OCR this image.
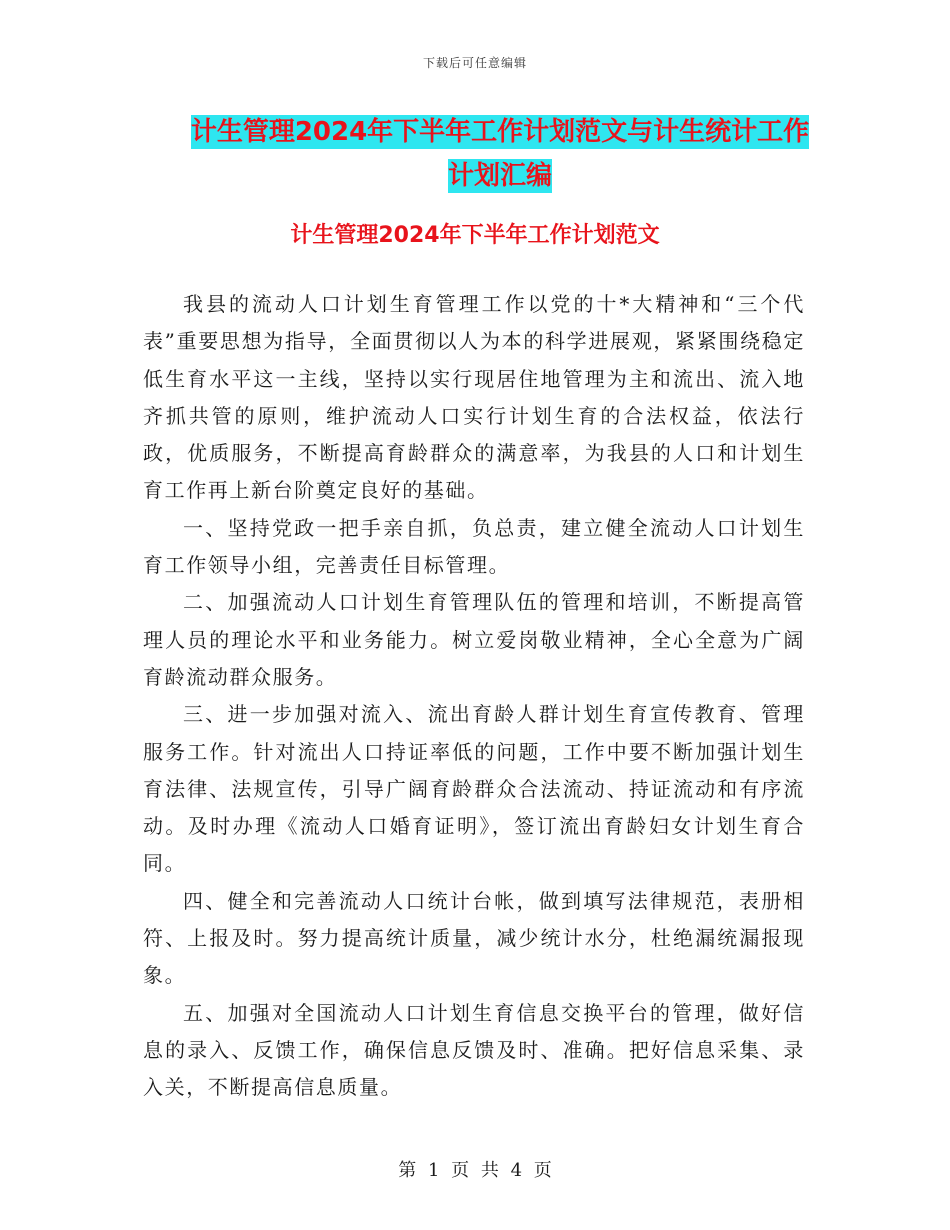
下载后可任意编辑
计生管理2024年下半年工作计划范文与计生统计工作
计划汇编
计生管理2024年下半年工作计划范文

我县的流动人口计划生育管理工作以党的十*大精神和“三个代表”重要思想为指导，全面贯彻以人为本的科学进展观，紧紧围绕稳定低生育水平这一主线，坚持以实行现居住地管理为主和流出、流入地齐抓共管的原则，维护流动人口实行计划生育的合法权益，依法行政，优质服务，不断提高育龄群众的满意率，为我县的人口和计划生育工作再上新台阶奠定良好的基础。

一、坚持党政一把手亲自抓，负总责，建立健全流动人口计划生育工作领导小组，完善责任目标管理。

二、加强流动人口计划生育管理队伍的管理和培训，不断提高管理人员的理论水平和业务能力。树立爱岗敬业精神，全心全意为广阔育龄流动群众服务。

三、进一步加强对流入、流出育龄人群计划生育宣传教育、管理服务工作。针对流出人口持证率低的问题，工作中要不断加强计划生育法律、法规宣传，引导广阔育龄群众合法流动、持证流动和有序流动。及时办理《流动人口婚育证明》，签订流出育龄妇女计划生育合同。

四、健全和完善流动人口统计台帐，做到填写法律规范，表册相符、上报及时。努力提高统计质量，减少统计水分，杜绝漏统漏报现象。

五、加强对全国流动人口计划生育信息交换平台的管理，做好信息的录入、反馈工作，确保信息反馈及时、准确。把好信息采集、录入关，不断提高信息质量。

第 1 页 共 4 页
